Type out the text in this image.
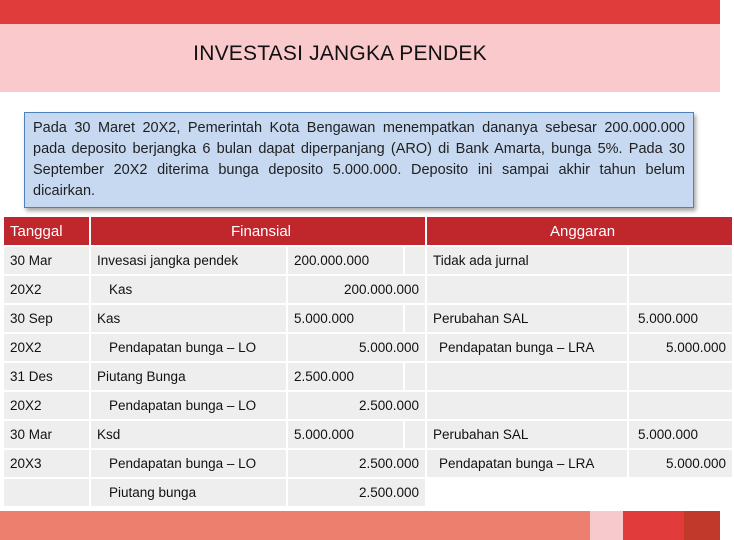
INVESTASI JANGKA PENDEK
Pada 30 Maret 20X2, Pemerintah Kota Bengawan menempatkan dananya sebesar 200.000.000 pada deposito berjangka 6 bulan dapat diperpanjang (ARO) di Bank Amarta, bunga 5%. Pada 30 September 20X2 diterima bunga deposito 5.000.000. Deposito ini sampai akhir tahun belum dicairkan.
Tanggal	Finansial			Anggaran	
30 Mar	Invesasi jangka pendek	200.000.000		Tidak ada jurnal	
20X2	Kas	200.000.000			
30 Sep	Kas	5.000.000		Perubahan SAL	5.000.000
20X2	Pendapatan bunga – LO	5.000.000		Pendapatan bunga – LRA	5.000.000
31 Des	Piutang Bunga	2.500.000			
20X2	Pendapatan bunga – LO	2.500.000			
30 Mar	Ksd	5.000.000		Perubahan SAL	5.000.000
20X3	Pendapatan bunga – LO	2.500.000		Pendapatan bunga – LRA	5.000.000
	Piutang bunga	2.500.000			
